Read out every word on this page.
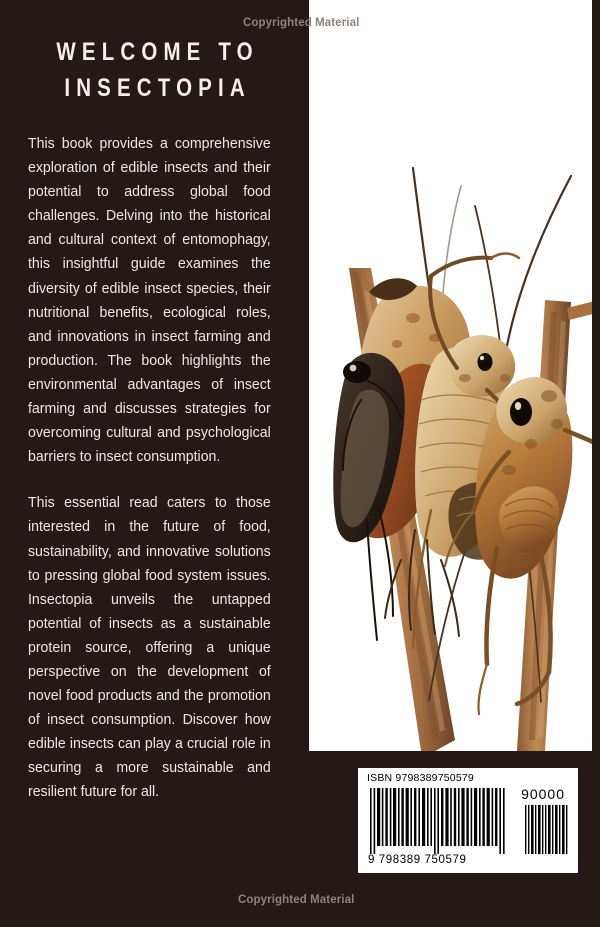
WELCOME TO
INSECTOPIA

This book provides a comprehensive exploration of edible insects and their potential to address global food challenges. Delving into the historical and cultural context of entomophagy, this insightful guide examines the diversity of edible insect species, their nutritional benefits, ecological roles, and innovations in insect farming and production. The book highlights the environmental advantages of insect farming and discusses strategies for overcoming cultural and psychological barriers to insect consumption.

This essential read caters to those interested in the future of food, sustainability, and innovative solutions to pressing global food system issues. Insectopia unveils the untapped potential of insects as a sustainable protein source, offering a unique perspective on the development of novel food products and the promotion of insect consumption. Discover how edible insects can play a crucial role in securing a more sustainable and resilient future for all.

Copyrighted Material
Copyrighted Material
ISBN 9798389750579
90000
9 798389 750579
